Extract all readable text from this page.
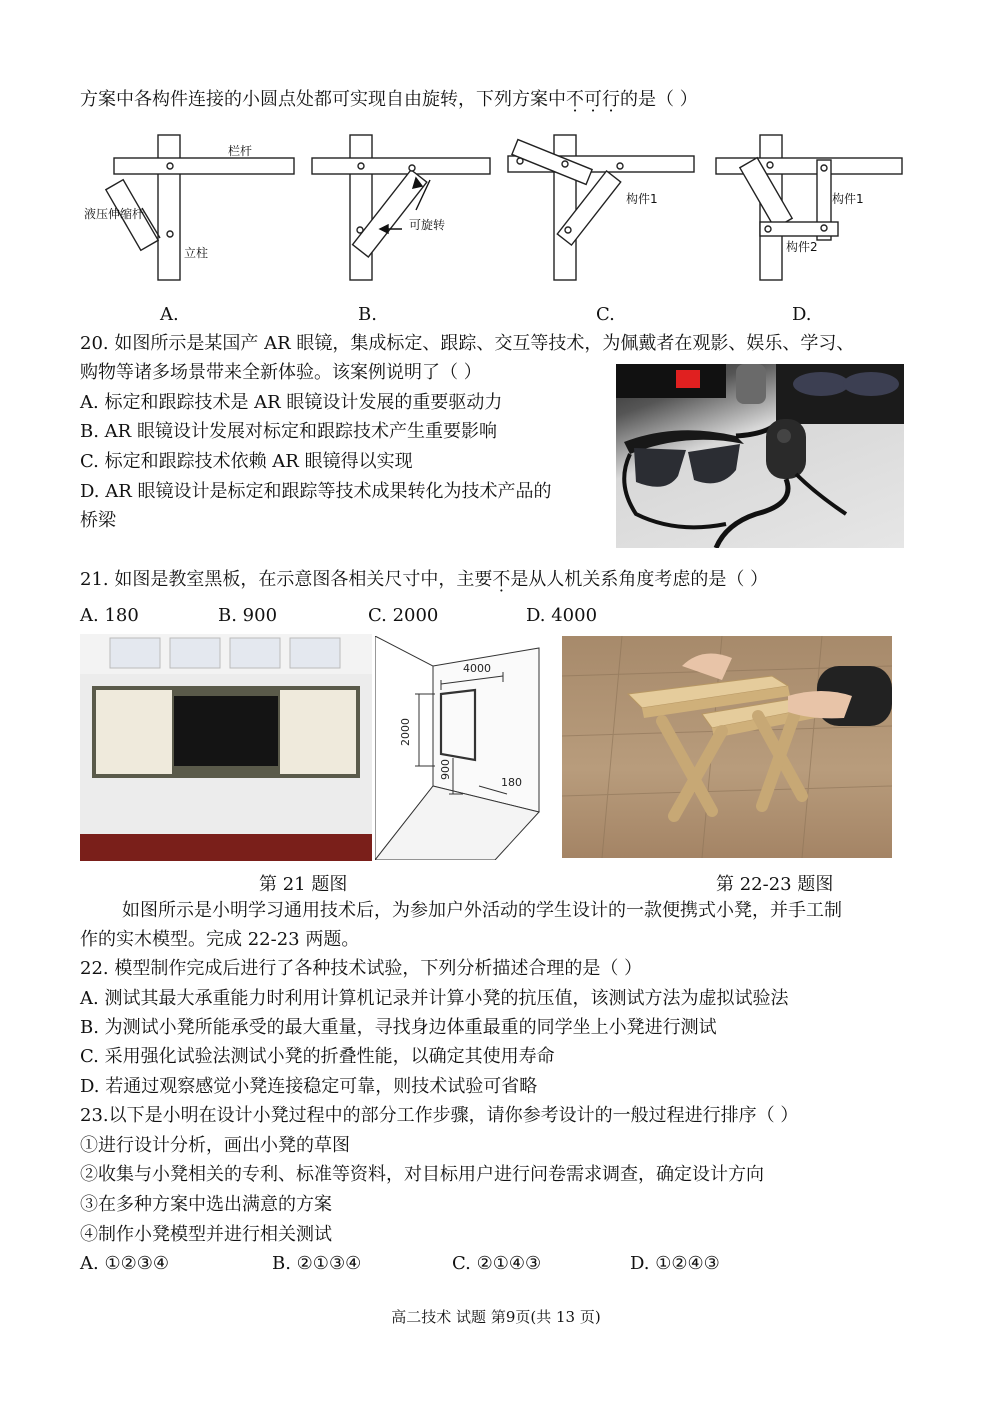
方案中各构件连接的小圆点处都可实现自由旋转，下列方案中不可行的是（ ）
栏杆
液压伸缩杆
立柱
可旋转
构件1	构件1
构件2
A.	B.	C.	D.
20. 如图所示是某国产 AR 眼镜，集成标定、跟踪、交互等技术，为佩戴者在观影、娱乐、学习、
购物等诸多场景带来全新体验。该案例说明了（ ）
A. 标定和跟踪技术是 AR 眼镜设计发展的重要驱动力
B. AR 眼镜设计发展对标定和跟踪技术产生重要影响
C. 标定和跟踪技术依赖 AR 眼镜得以实现
D. AR 眼镜设计是标定和跟踪等技术成果转化为技术产品的
桥梁
21. 如图是教室黑板，在示意图各相关尺寸中，主要不是从人机关系角度考虑的是（ ）
A. 180	B. 900	C. 2000	D. 4000
4000
2000
900
180
第 21 题图	第 22-23 题图
如图所示是小明学习通用技术后，为参加户外活动的学生设计的一款便携式小凳，并手工制
作的实木模型。完成 22-23 两题。
22. 模型制作完成后进行了各种技术试验，下列分析描述合理的是（ ）
A. 测试其最大承重能力时利用计算机记录并计算小凳的抗压值，该测试方法为虚拟试验法
B. 为测试小凳所能承受的最大重量，寻找身边体重最重的同学坐上小凳进行测试
C. 采用强化试验法测试小凳的折叠性能，以确定其使用寿命
D. 若通过观察感觉小凳连接稳定可靠，则技术试验可省略
23.以下是小明在设计小凳过程中的部分工作步骤，请你参考设计的一般过程进行排序（ ）
①进行设计分析，画出小凳的草图
②收集与小凳相关的专利、标准等资料，对目标用户进行问卷需求调查，确定设计方向
③在多种方案中选出满意的方案
④制作小凳模型并进行相关测试
A. ①②③④	B. ②①③④	C. ②①④③	D. ①②④③
高二技术 试题 第9页(共 13 页)
